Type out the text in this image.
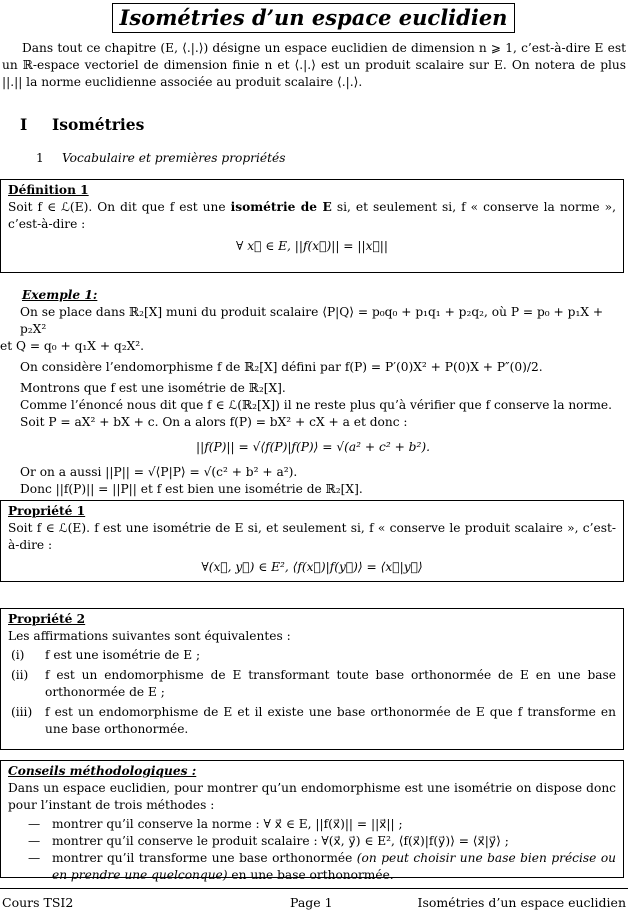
Isométries d’un espace euclidien
Dans tout ce chapitre (E, ⟨.|.⟩) désigne un espace euclidien de dimension n ⩾ 1, c’est-à-dire E est un ℝ-espace vectoriel de dimension finie n et ⟨.|.⟩ est un produit scalaire sur E. On notera de plus ||.|| la norme euclidienne associée au produit scalaire ⟨.|.⟩.
I Isométries
1 Vocabulaire et premières propriétés
Définition 1
Soit f ∈ ℒ(E). On dit que f est une isométrie de E si, et seulement si, f « conserve la norme », c’est-à-dire :
∀ x⃗ ∈ E, ||f(x⃗)|| = ||x⃗||
Exemple 1:
On se place dans ℝ₂[X] muni du produit scalaire ⟨P|Q⟩ = p₀q₀ + p₁q₁ + p₂q₂, où P = p₀ + p₁X + p₂X²
et Q = q₀ + q₁X + q₂X².
On considère l’endomorphisme f de ℝ₂[X] défini par f(P) = P′(0)X² + P(0)X + P″(0)/2.
Montrons que f est une isométrie de ℝ₂[X].
Comme l’énoncé nous dit que f ∈ ℒ(ℝ₂[X]) il ne reste plus qu’à vérifier que f conserve la norme.
Soit P = aX² + bX + c. On a alors f(P) = bX² + cX + a et donc :
||f(P)|| = √⟨f(P)|f(P)⟩ = √(a² + c² + b²).
Or on a aussi ||P|| = √⟨P|P⟩ = √(c² + b² + a²).
Donc ||f(P)|| = ||P|| et f est bien une isométrie de ℝ₂[X].
Propriété 1
Soit f ∈ ℒ(E). f est une isométrie de E si, et seulement si, f « conserve le produit scalaire », c’est-à-dire :
∀(x⃗, y⃗) ∈ E², ⟨f(x⃗)|f(y⃗)⟩ = ⟨x⃗|y⃗⟩
Propriété 2
Les affirmations suivantes sont équivalentes :
(i)	f est une isométrie de E ;
(ii)	f est un endomorphisme de E transformant toute base orthonormée de E en une base orthonormée de E ;
(iii)	f est un endomorphisme de E et il existe une base orthonormée de E que f transforme en une base orthonormée.
Conseils méthodologiques :
Dans un espace euclidien, pour montrer qu’un endomorphisme est une isométrie on dispose donc pour l’instant de trois méthodes :
— montrer qu’il conserve la norme : ∀ x⃗ ∈ E, ||f(x⃗)|| = ||x⃗|| ;
— montrer qu’il conserve le produit scalaire : ∀(x⃗, y⃗) ∈ E², ⟨f(x⃗)|f(y⃗)⟩ = ⟨x⃗|y⃗⟩ ;
— montrer qu’il transforme une base orthonormée (on peut choisir une base bien précise ou en prendre une quelconque) en une base orthonormée.
Cours TSI2	Page 1	Isométries d’un espace euclidien
